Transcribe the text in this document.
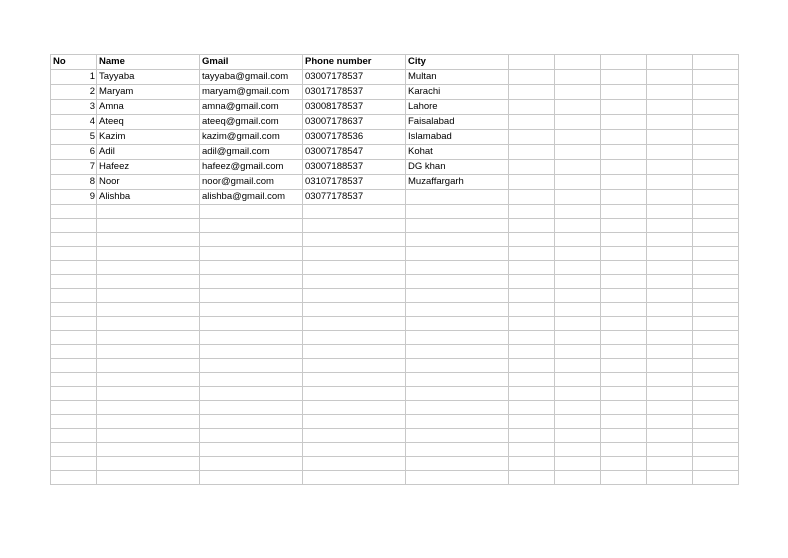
No	Name	Gmail	Phone number	City					
1	Tayyaba	tayyaba@gmail.com	03007178537	Multan					
2	Maryam	maryam@gmail.com	03017178537	Karachi					
3	Amna	amna@gmail.com	03008178537	Lahore					
4	Ateeq	ateeq@gmail.com	03007178637	Faisalabad					
5	Kazim	kazim@gmail.com	03007178536	Islamabad					
6	Adil	adil@gmail.com	03007178547	Kohat					
7	Hafeez	hafeez@gmail.com	03007188537	DG khan					
8	Noor	noor@gmail.com	03107178537	Muzaffargarh					
9	Alishba	alishba@gmail.com	03077178537						
